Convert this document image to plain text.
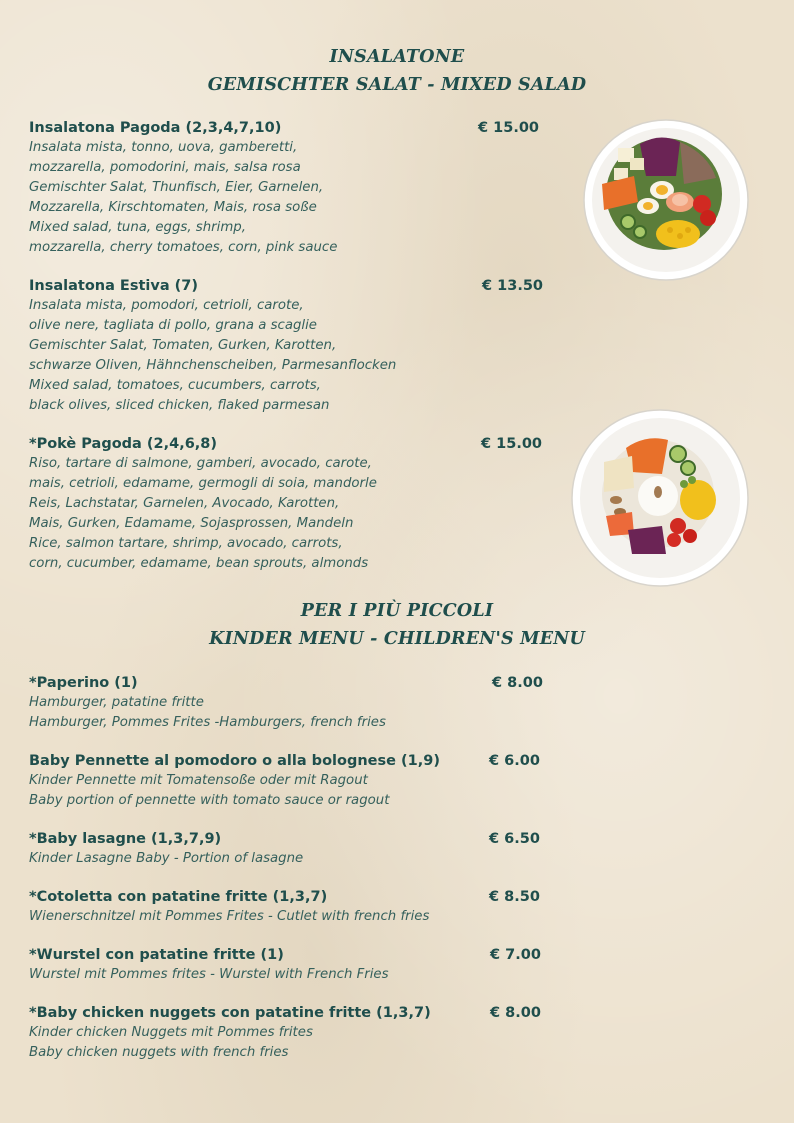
INSALATONE
GEMISCHTER SALAT - MIXED SALAD
Insalatona Pagoda (2,3,4,7,10)	€ 15.00
Insalata mista, tonno, uova, gamberetti,
mozzarella, pomodorini, mais, salsa rosa
Gemischter Salat, Thunfisch, Eier, Garnelen,
Mozzarella, Kirschtomaten, Mais, rosa soße
Mixed salad, tuna, eggs, shrimp,
mozzarella, cherry tomatoes, corn, pink sauce
Insalatona Estiva (7)	€ 13.50
Insalata mista, pomodori, cetrioli, carote,
olive nere, tagliata di pollo, grana a scaglie
Gemischter Salat, Tomaten, Gurken, Karotten,
schwarze Oliven, Hähnchenscheiben, Parmesanflocken
Mixed salad, tomatoes, cucumbers, carrots,
black olives, sliced chicken, flaked parmesan
*Pokè Pagoda (2,4,6,8)	€ 15.00
Riso, tartare di salmone, gamberi, avocado, carote,
mais, cetrioli, edamame, germogli di soia, mandorle
Reis, Lachstatar, Garnelen, Avocado, Karotten,
Mais, Gurken, Edamame, Sojasprossen, Mandeln
Rice, salmon tartare, shrimp, avocado, carrots,
corn, cucumber, edamame, bean sprouts, almonds
PER I PIÙ PICCOLI
KINDER MENU - CHILDREN'S MENU
*Paperino (1)	€ 8.00
Hamburger, patatine fritte
Hamburger, Pommes Frites -Hamburgers, french fries
Baby Pennette al pomodoro o alla bolognese (1,9)	€ 6.00
Kinder Pennette mit Tomatensoße oder mit Ragout
Baby portion of pennette with tomato sauce or ragout
*Baby lasagne (1,3,7,9)	€ 6.50
Kinder Lasagne Baby - Portion of lasagne
*Cotoletta con patatine fritte (1,3,7)	€ 8.50
Wienerschnitzel mit Pommes Frites - Cutlet with french fries
*Wurstel con patatine fritte (1)	€ 7.00
Wurstel mit Pommes frites - Wurstel with French Fries
*Baby chicken nuggets con patatine fritte (1,3,7)	€ 8.00
Kinder chicken Nuggets mit Pommes frites
Baby chicken nuggets with french fries
